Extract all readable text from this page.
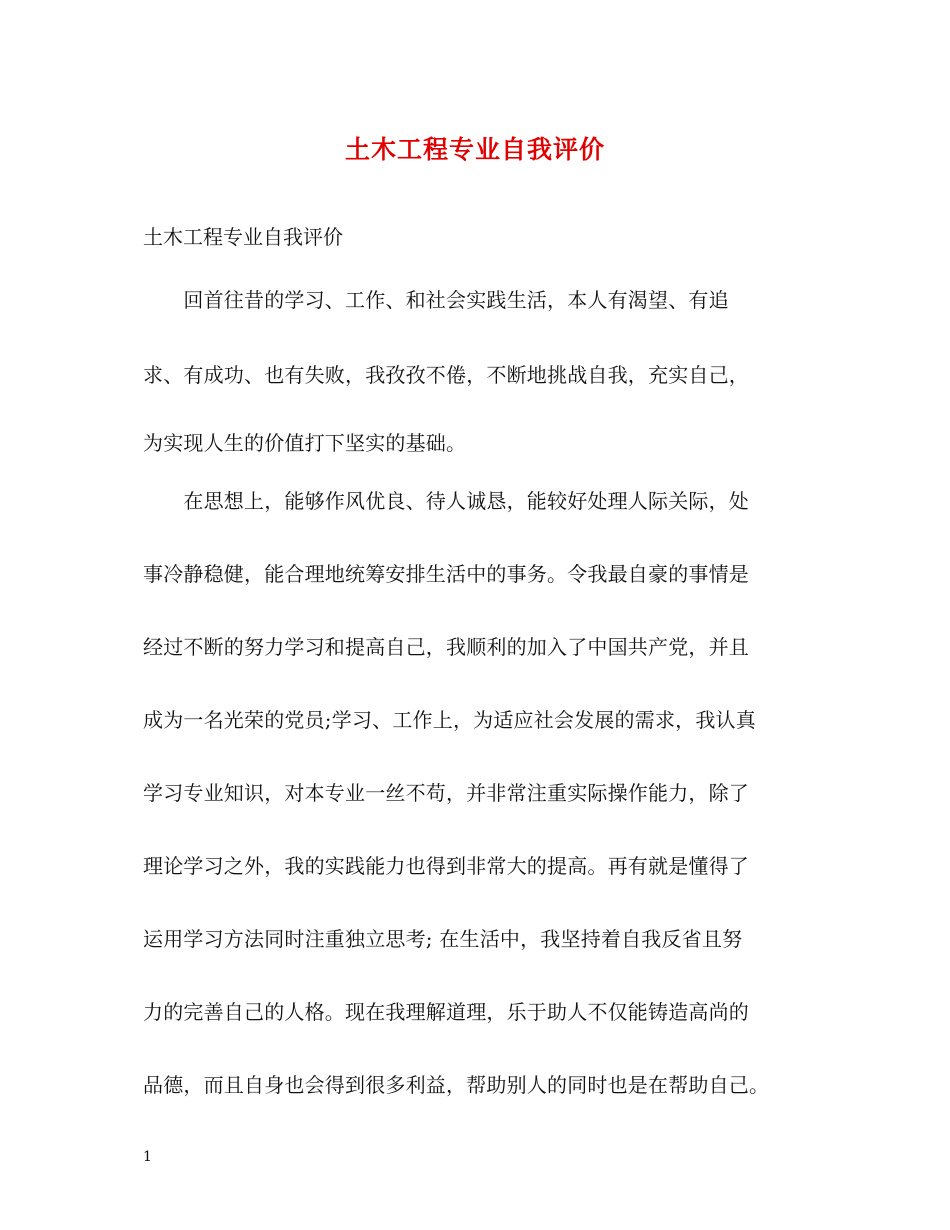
土木工程专业自我评价
土木工程专业自我评价
　　回首往昔的学习、工作、和社会实践生活，本人有渴望、有追
求、有成功、也有失败，我孜孜不倦，不断地挑战自我，充实自己，
为实现人生的价值打下坚实的基础。
　　在思想上，能够作风优良、待人诚恳，能较好处理人际关际，处
事冷静稳健，能合理地统筹安排生活中的事务。令我最自豪的事情是
经过不断的努力学习和提高自己，我顺利的加入了中国共产党，并且
成为一名光荣的党员;学习、工作上，为适应社会发展的需求，我认真
学习专业知识，对本专业一丝不苟，并非常注重实际操作能力，除了
理论学习之外，我的实践能力也得到非常大的提高。再有就是懂得了
运用学习方法同时注重独立思考; 在生活中，我坚持着自我反省且努
力的完善自己的人格。现在我理解道理，乐于助人不仅能铸造高尚的
品德，而且自身也会得到很多利益，帮助别人的同时也是在帮助自己。
1
